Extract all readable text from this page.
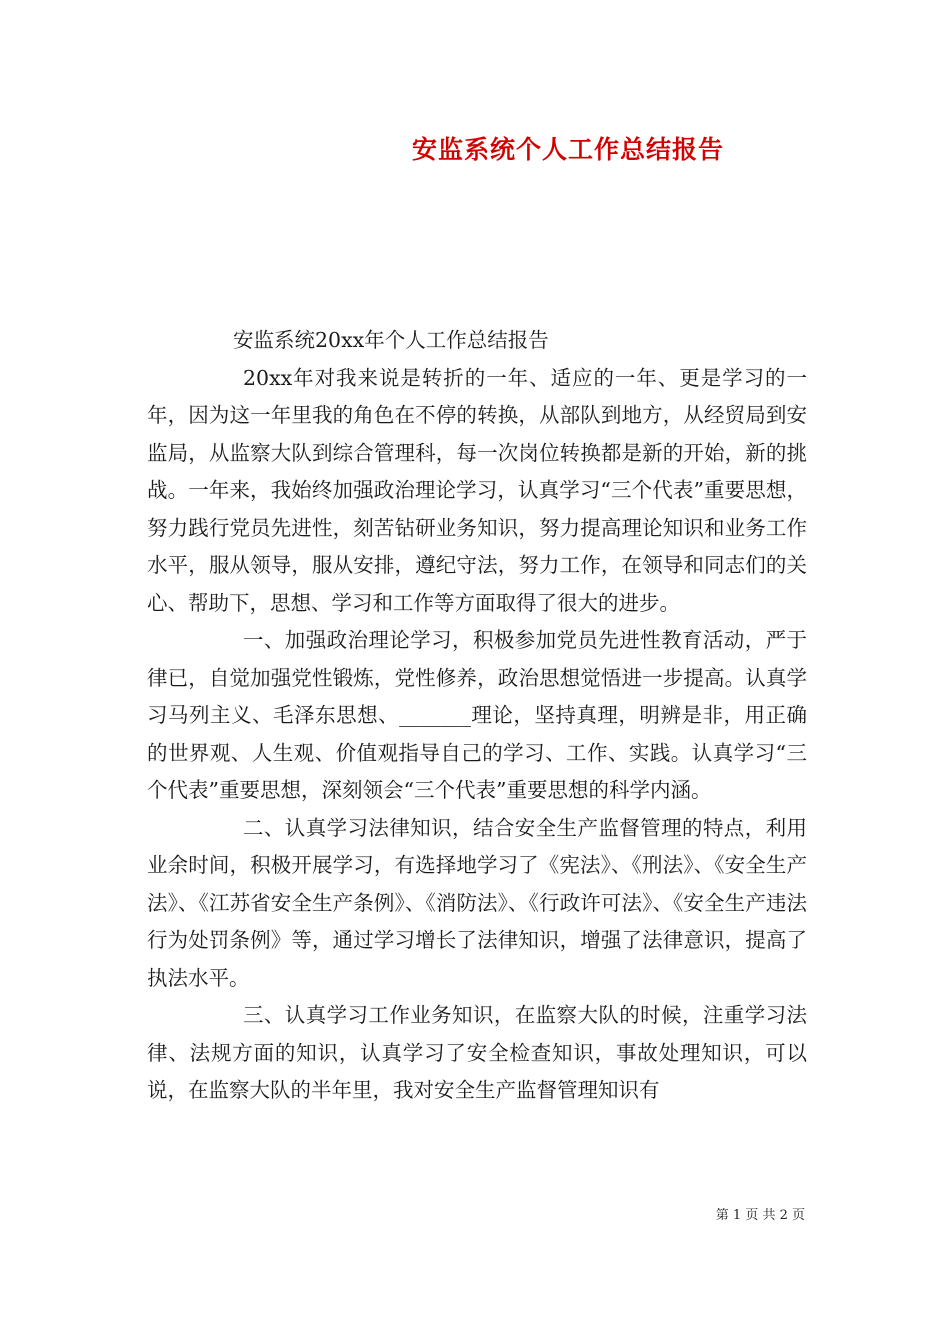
安监系统个人工作总结报告

安监系统20xx年个人工作总结报告

20xx年对我来说是转折的一年、适应的一年、更是学习的一年，因为这一年里我的角色在不停的转换，从部队到地方，从经贸局到安监局，从监察大队到综合管理科，每一次岗位转换都是新的开始，新的挑战。一年来，我始终加强政治理论学习，认真学习“三个代表”重要思想，努力践行党员先进性，刻苦钻研业务知识，努力提高理论知识和业务工作水平，服从领导，服从安排，遵纪守法，努力工作，在领导和同志们的关心、帮助下，思想、学习和工作等方面取得了很大的进步。

一、加强政治理论学习，积极参加党员先进性教育活动，严于律已，自觉加强党性锻炼，党性修养，政治思想觉悟进一步提高。认真学习马列主义、毛泽东思想、_______理论，坚持真理，明辨是非，用正确的世界观、人生观、价值观指导自己的学习、工作、实践。认真学习“三个代表”重要思想，深刻领会“三个代表”重要思想的科学内涵。

二、认真学习法律知识，结合安全生产监督管理的特点，利用业余时间，积极开展学习，有选择地学习了《宪法》、《刑法》、《安全生产法》、《江苏省安全生产条例》、《消防法》、《行政许可法》、《安全生产违法行为处罚条例》等，通过学习增长了法律知识，增强了法律意识，提高了执法水平。

三、认真学习工作业务知识，在监察大队的时候，注重学习法律、法规方面的知识，认真学习了安全检查知识，事故处理知识，可以说，在监察大队的半年里，我对安全生产监督管理知识有

第 1 页 共 2 页
